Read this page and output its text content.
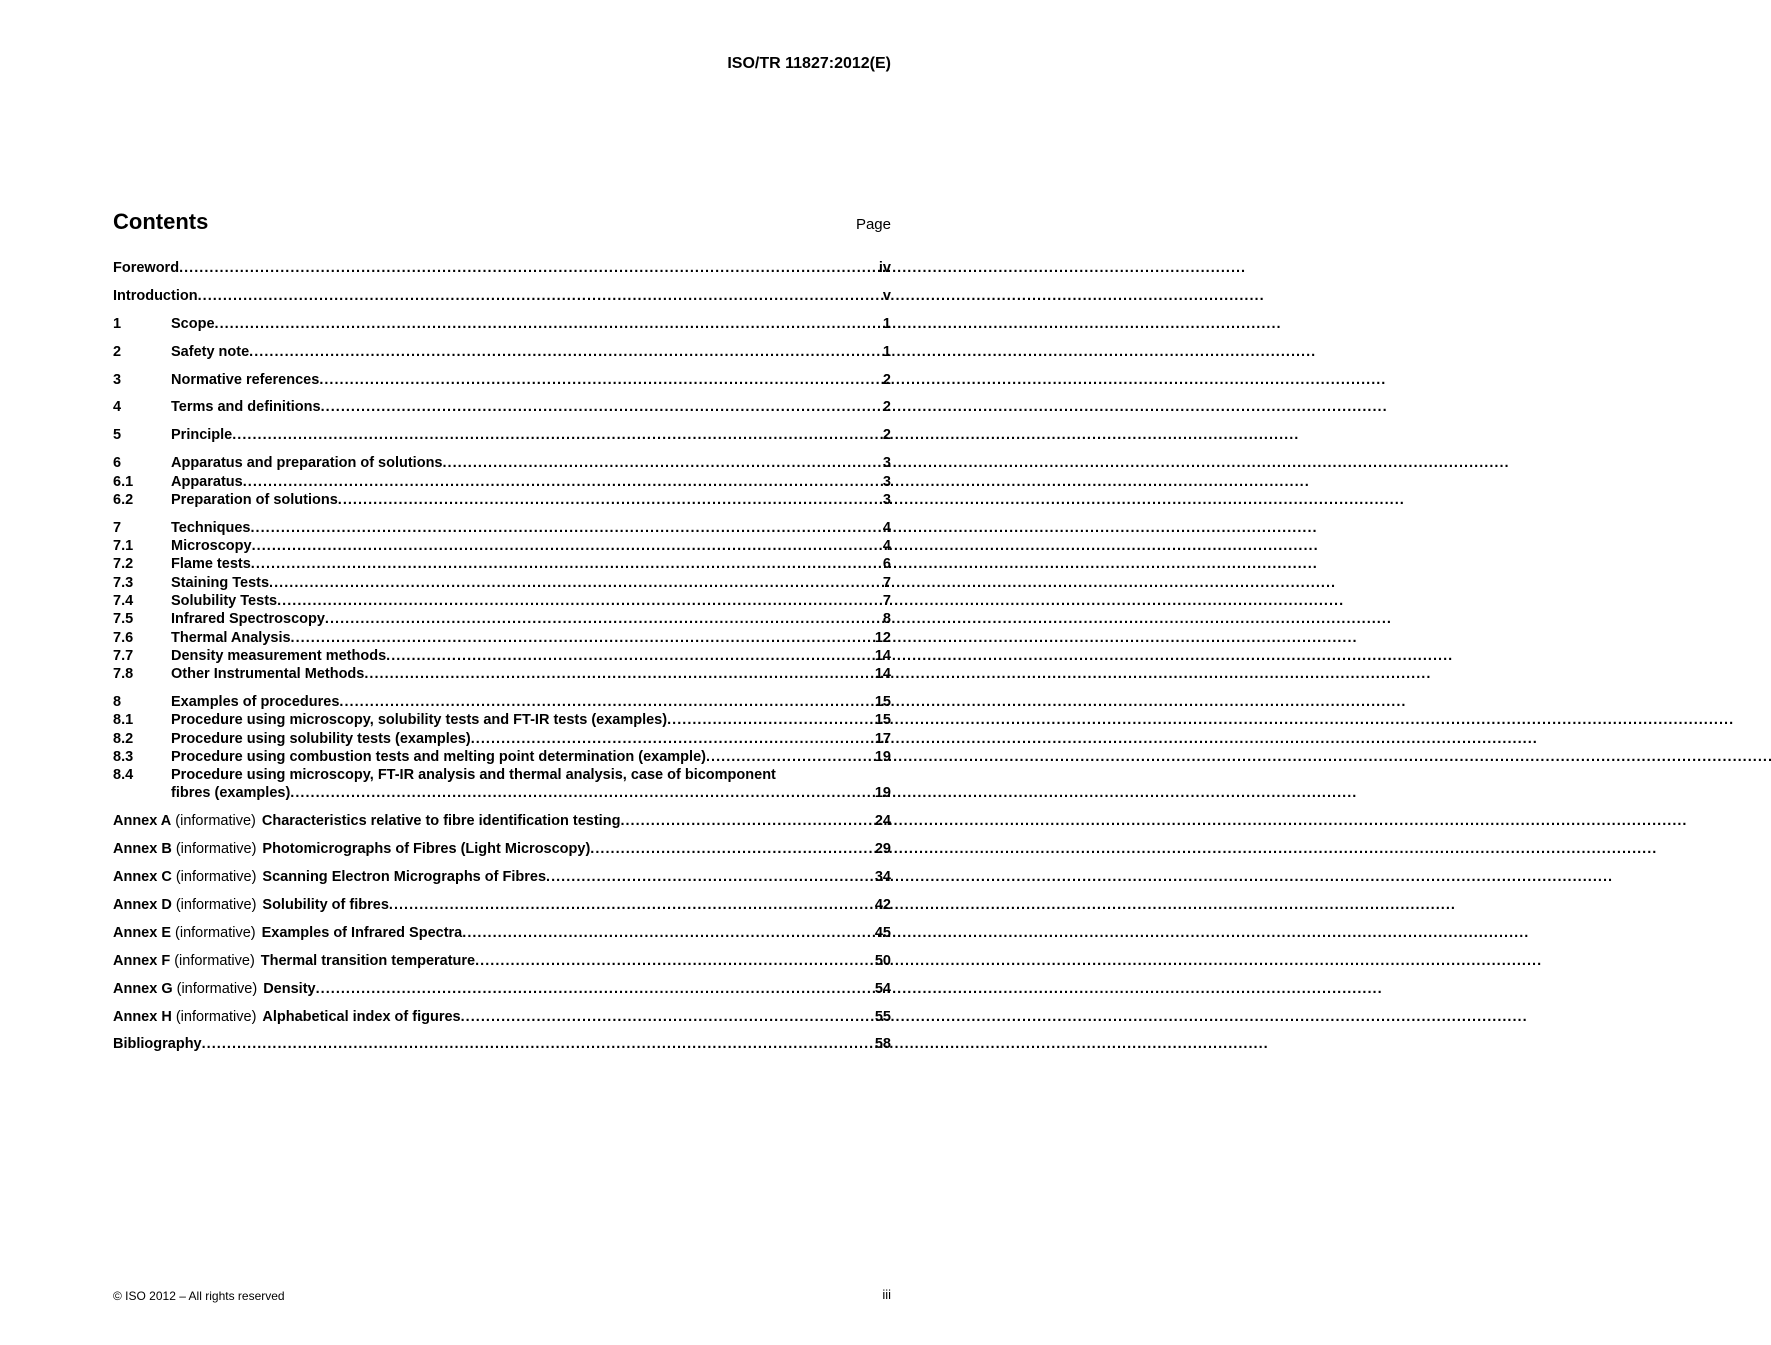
ISO/TR 11827:2012(E)
Contents	Page
Foreword . . .	iv
Introduction . . .	v
1	Scope . . .	1
2	Safety note . . .	1
3	Normative references . . .	2
4	Terms and definitions . . .	2
5	Principle . . .	2
6	Apparatus and preparation of solutions . . .	3
6.1	Apparatus . . .	3
6.2	Preparation of solutions . . .	3
7	Techniques . . .	4
7.1	Microscopy . . .	4
7.2	Flame tests . . .	6
7.3	Staining Tests . . .	7
7.4	Solubility Tests . . .	7
7.5	Infrared Spectroscopy . . .	8
7.6	Thermal Analysis . . .	12
7.7	Density measurement methods . . .	14
7.8	Other Instrumental Methods . . .	14
8	Examples of procedures . . .	15
8.1	Procedure using microscopy, solubility tests and FT-IR tests (examples) . . .	15
8.2	Procedure using solubility tests (examples) . . .	17
8.3	Procedure using combustion tests and melting point determination (example) . . .	19
8.4	Procedure using microscopy, FT-IR analysis and thermal analysis, case of bicomponent
fibres (examples) . . .	19
Annex A (informative) Characteristics relative to fibre identification testing . . .	24
Annex B (informative) Photomicrographs of Fibres (Light Microscopy) . . .	29
Annex C (informative) Scanning Electron Micrographs of Fibres . . .	34
Annex D (informative) Solubility of fibres . . .	42
Annex E (informative) Examples of Infrared Spectra . . .	45
Annex F (informative) Thermal transition temperature . . .	50
Annex G (informative) Density . . .	54
Annex H (informative) Alphabetical index of figures . . .	55
Bibliography . . .	58
© ISO 2012 – All rights reserved	iii
